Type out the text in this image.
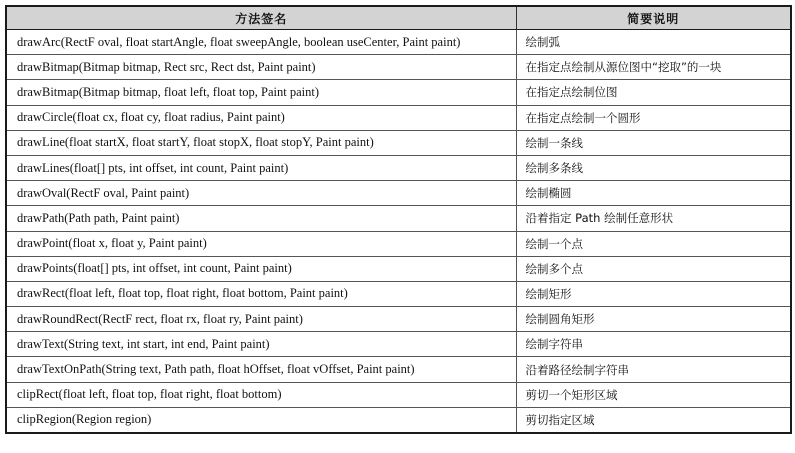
方法签名	简要说明
drawArc(RectF oval, float startAngle, float sweepAngle, boolean useCenter, Paint paint)	绘制弧
drawBitmap(Bitmap bitmap, Rect src, Rect dst, Paint paint)	在指定点绘制从源位图中“挖取”的一块
drawBitmap(Bitmap bitmap, float left, float top, Paint paint)	在指定点绘制位图
drawCircle(float cx, float cy, float radius, Paint paint)	在指定点绘制一个圆形
drawLine(float startX, float startY, float stopX, float stopY, Paint paint)	绘制一条线
drawLines(float[] pts, int offset, int count, Paint paint)	绘制多条线
drawOval(RectF oval, Paint paint)	绘制椭圆
drawPath(Path path, Paint paint)	沿着指定 Path 绘制任意形状
drawPoint(float x, float y, Paint paint)	绘制一个点
drawPoints(float[] pts, int offset, int count, Paint paint)	绘制多个点
drawRect(float left, float top, float right, float bottom, Paint paint)	绘制矩形
drawRoundRect(RectF rect, float rx, float ry, Paint paint)	绘制圆角矩形
drawText(String text, int start, int end, Paint paint)	绘制字符串
drawTextOnPath(String text, Path path, float hOffset, float vOffset, Paint paint)	沿着路径绘制字符串
clipRect(float left, float top, float right, float bottom)	剪切一个矩形区域
clipRegion(Region region)	剪切指定区域
